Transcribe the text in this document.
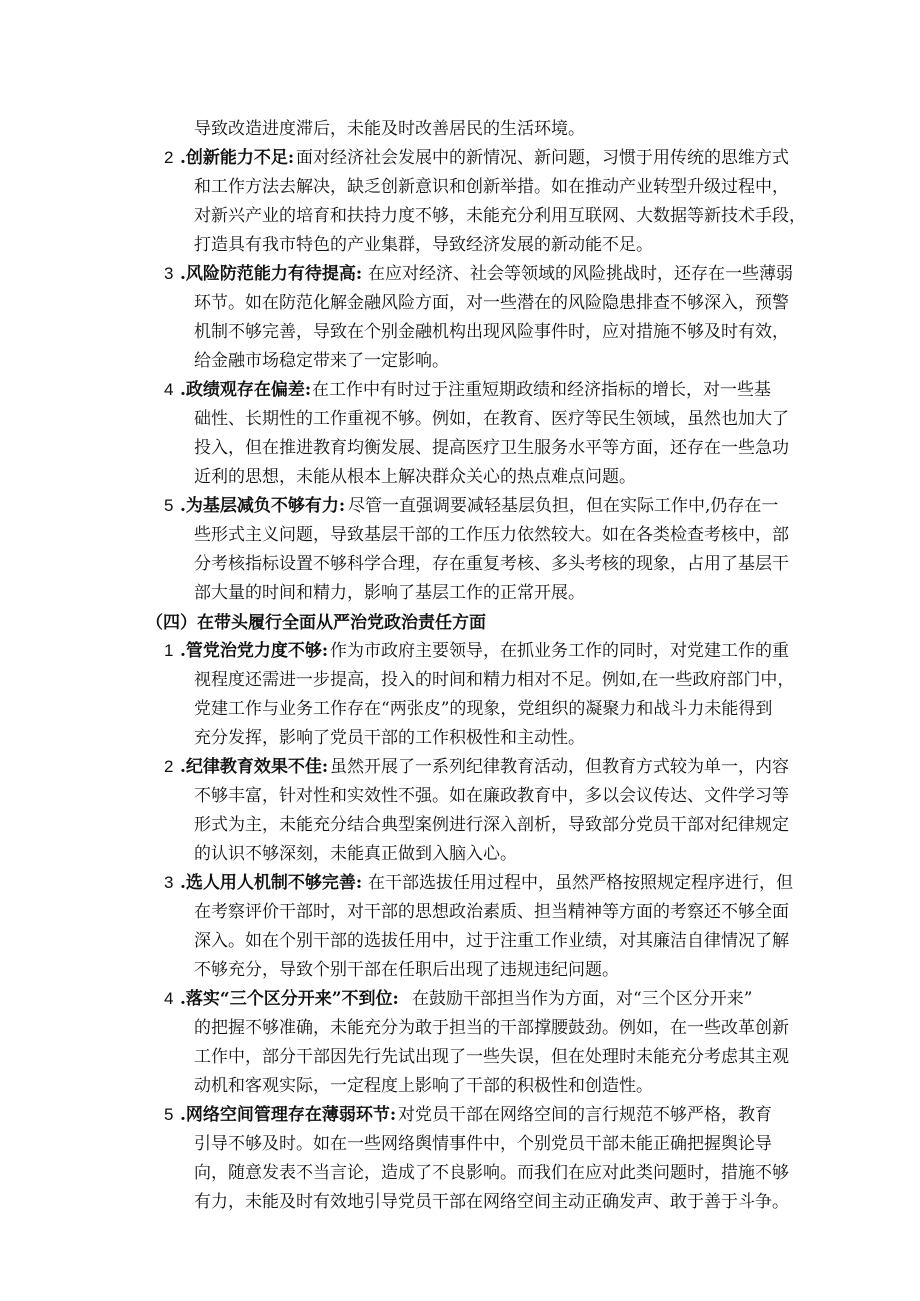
导致改造进度滞后，未能及时改善居民的生活环境。
2 .创新能力不足: 面对经济社会发展中的新情况、新问题，习惯于用传统的思维方式
和工作方法去解决，缺乏创新意识和创新举措。如在推动产业转型升级过程中，
对新兴产业的培育和扶持力度不够，未能充分利用互联网、大数据等新技术手段，
打造具有我市特色的产业集群，导致经济发展的新动能不足。
3 .风险防范能力有待提高: 在应对经济、社会等领域的风险挑战时，还存在一些薄弱
环节。如在防范化解金融风险方面，对一些潜在的风险隐患排查不够深入，预警
机制不够完善，导致在个别金融机构出现风险事件时，应对措施不够及时有效，
给金融市场稳定带来了一定影响。
4 .政绩观存在偏差: 在工作中有时过于注重短期政绩和经济指标的增长，对一些基
础性、长期性的工作重视不够。例如，在教育、医疗等民生领域，虽然也加大了
投入，但在推进教育均衡发展、提高医疗卫生服务水平等方面，还存在一些急功
近利的思想，未能从根本上解决群众关心的热点难点问题。
5 .为基层减负不够有力: 尽管一直强调要减轻基层负担，但在实际工作中,仍存在一
些形式主义问题，导致基层干部的工作压力依然较大。如在各类检查考核中，部
分考核指标设置不够科学合理，存在重复考核、多头考核的现象，占用了基层干
部大量的时间和精力，影响了基层工作的正常开展。
（四）在带头履行全面从严治党政治责任方面
1 .管党治党力度不够: 作为市政府主要领导，在抓业务工作的同时，对党建工作的重
视程度还需进一步提高，投入的时间和精力相对不足。例如,在一些政府部门中，
党建工作与业务工作存在“两张皮”的现象，党组织的凝聚力和战斗力未能得到
充分发挥，影响了党员干部的工作积极性和主动性。
2 .纪律教育效果不佳: 虽然开展了一系列纪律教育活动，但教育方式较为单一，内容
不够丰富，针对性和实效性不强。如在廉政教育中，多以会议传达、文件学习等
形式为主，未能充分结合典型案例进行深入剖析，导致部分党员干部对纪律规定
的认识不够深刻，未能真正做到入脑入心。
3 .选人用人机制不够完善: 在干部选拔任用过程中，虽然严格按照规定程序进行，但
在考察评价干部时，对干部的思想政治素质、担当精神等方面的考察还不够全面
深入。如在个别干部的选拔任用中，过于注重工作业绩，对其廉洁自律情况了解
不够充分，导致个别干部在任职后出现了违规违纪问题。
4 .落实“三个区分开来”不到位: 在鼓励干部担当作为方面，对“三个区分开来”
的把握不够准确，未能充分为敢于担当的干部撑腰鼓劲。例如，在一些改革创新
工作中，部分干部因先行先试出现了一些失误，但在处理时未能充分考虑其主观
动机和客观实际，一定程度上影响了干部的积极性和创造性。
5 .网络空间管理存在薄弱环节: 对党员干部在网络空间的言行规范不够严格，教育
引导不够及时。如在一些网络舆情事件中，个别党员干部未能正确把握舆论导
向，随意发表不当言论，造成了不良影响。而我们在应对此类问题时，措施不够
有力，未能及时有效地引导党员干部在网络空间主动正确发声、敢于善于斗争。
